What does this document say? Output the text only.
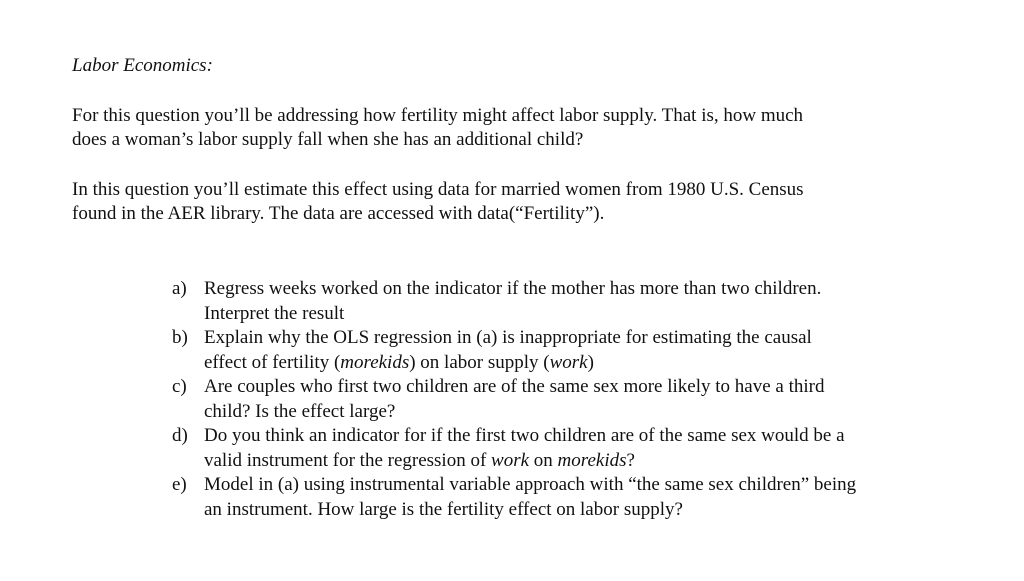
Labor Economics:
For this question you’ll be addressing how fertility might affect labor supply. That is, how much
does a woman’s labor supply fall when she has an additional child?
In this question you’ll estimate this effect using data for married women from 1980 U.S. Census
found in the AER library. The data are accessed with data(“Fertility”).
a) Regress weeks worked on the indicator if the mother has more than two children.
Interpret the result
b) Explain why the OLS regression in (a) is inappropriate for estimating the causal
effect of fertility (morekids) on labor supply (work)
c) Are couples who first two children are of the same sex more likely to have a third
child? Is the effect large?
d) Do you think an indicator for if the first two children are of the same sex would be a
valid instrument for the regression of work on morekids?
e) Model in (a) using instrumental variable approach with “the same sex children” being
an instrument. How large is the fertility effect on labor supply?
